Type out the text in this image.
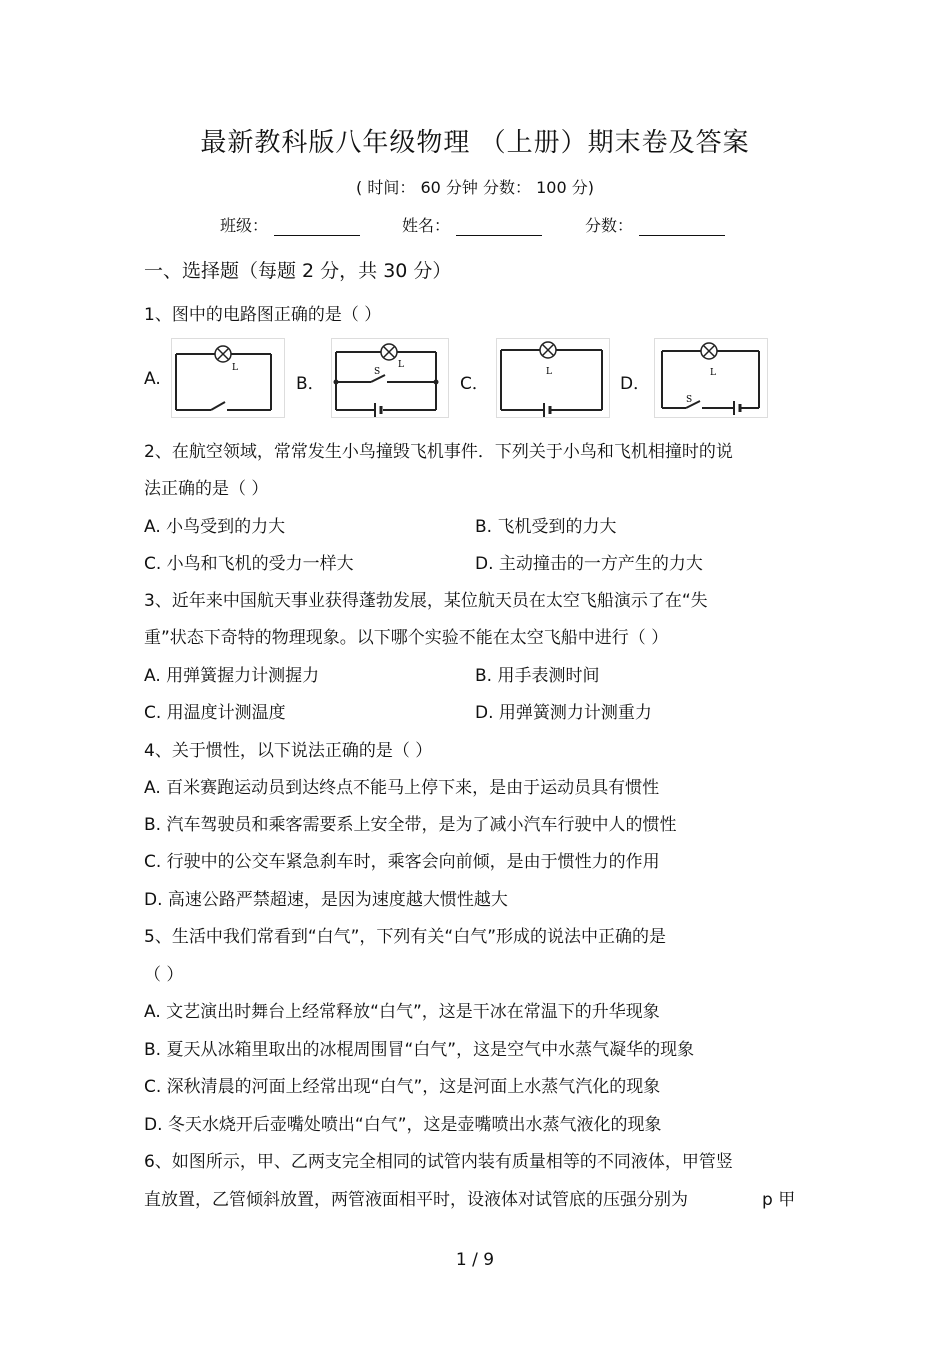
最新教科版八年级物理 （上册）期末卷及答案
( 时间： 60 分钟 分数： 100 分)
班级：	姓名：	分数：
一、选择题（每题 2 分，共 30 分）
1、图中的电路图正确的是（ ）
A.	B．	C．	D．
L	L
S	L	L
S
2、在航空领域，常常发生小鸟撞毁飞机事件．下列关于小鸟和飞机相撞时的说
法正确的是（ ）
A. 小鸟受到的力大	B. 飞机受到的力大
C. 小鸟和飞机的受力一样大	D. 主动撞击的一方产生的力大
3、近年来中国航天事业获得蓬勃发展，某位航天员在太空飞船演示了在“失
重”状态下奇特的物理现象。以下哪个实验不能在太空飞船中进行（ ）
A. 用弹簧握力计测握力	B. 用手表测时间
C. 用温度计测温度	D. 用弹簧测力计测重力
4、关于惯性，以下说法正确的是（ ）
A. 百米赛跑运动员到达终点不能马上停下来，是由于运动员具有惯性
B. 汽车驾驶员和乘客需要系上安全带，是为了减小汽车行驶中人的惯性
C. 行驶中的公交车紧急刹车时，乘客会向前倾，是由于惯性力的作用
D. 高速公路严禁超速，是因为速度越大惯性越大
5、生活中我们常看到“白气”，下列有关“白气”形成的说法中正确的是
（ ）
A. 文艺演出时舞台上经常释放“白气”，这是干冰在常温下的升华现象
B. 夏天从冰箱里取出的冰棍周围冒“白气”，这是空气中水蒸气凝华的现象
C. 深秋清晨的河面上经常出现“白气”，这是河面上水蒸气汽化的现象
D. 冬天水烧开后壶嘴处喷出“白气”，这是壶嘴喷出水蒸气液化的现象
6、如图所示，甲、乙两支完全相同的试管内装有质量相等的不同液体，甲管竖
直放置，乙管倾斜放置，两管液面相平时，设液体对试管底的压强分别为	p 甲
1 / 9
